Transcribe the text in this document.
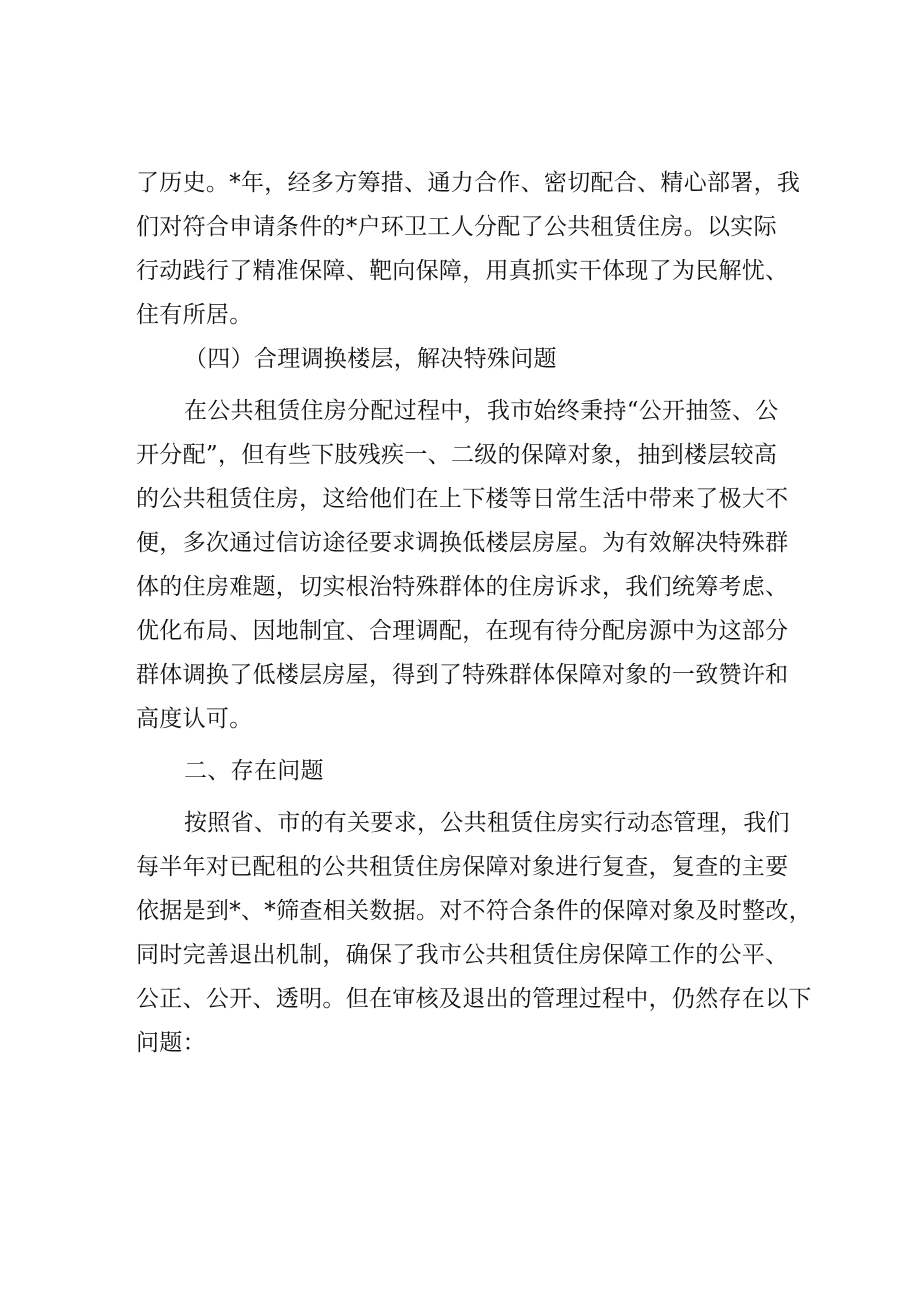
了历史。*年，经多方筹措、通力合作、密切配合、精心部署，我
们对符合申请条件的*户环卫工人分配了公共租赁住房。以实际
行动践行了精准保障、靶向保障，用真抓实干体现了为民解忧、
住有所居。
（四）合理调换楼层，解决特殊问题
在公共租赁住房分配过程中，我市始终秉持“公开抽签、公
开分配”，但有些下肢残疾一、二级的保障对象，抽到楼层较高
的公共租赁住房，这给他们在上下楼等日常生活中带来了极大不
便，多次通过信访途径要求调换低楼层房屋。为有效解决特殊群
体的住房难题，切实根治特殊群体的住房诉求，我们统筹考虑、
优化布局、因地制宜、合理调配，在现有待分配房源中为这部分
群体调换了低楼层房屋，得到了特殊群体保障对象的一致赞许和
高度认可。
二、存在问题
按照省、市的有关要求，公共租赁住房实行动态管理，我们
每半年对已配租的公共租赁住房保障对象进行复查，复查的主要
依据是到*、*筛查相关数据。对不符合条件的保障对象及时整改，
同时完善退出机制，确保了我市公共租赁住房保障工作的公平、
公正、公开、透明。但在审核及退出的管理过程中，仍然存在以下
问题：
